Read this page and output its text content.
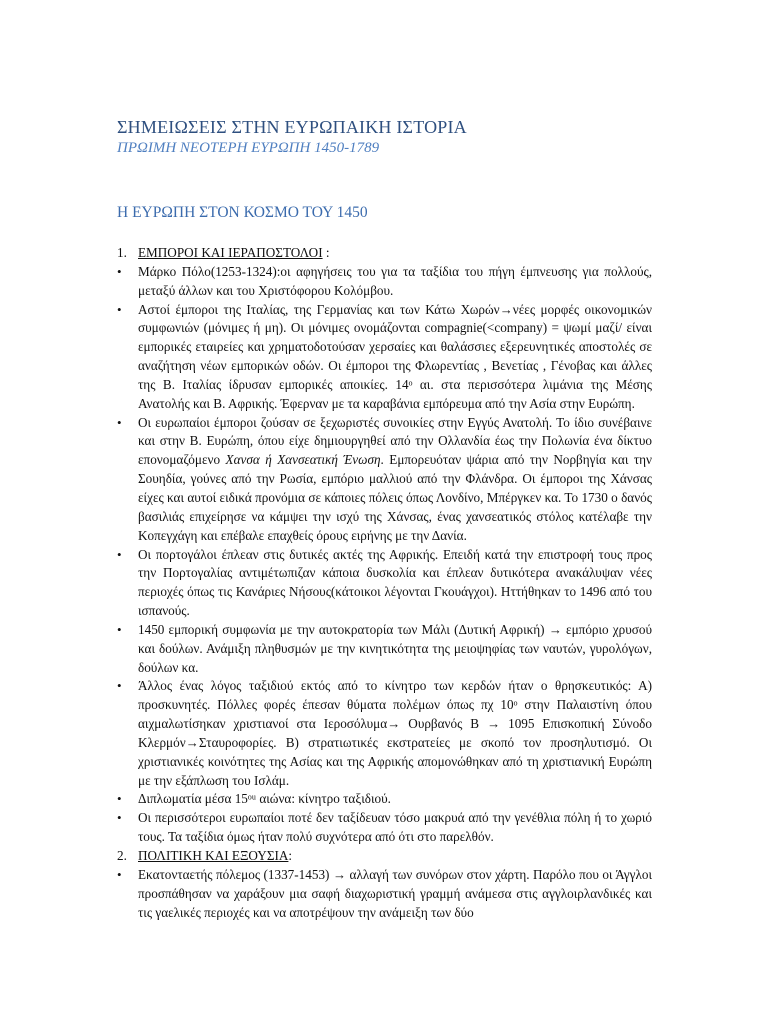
ΣΗΜΕΙΩΣΕΙΣ ΣΤΗΝ ΕΥΡΩΠΑΙΚΗ ΙΣΤΟΡΙΑ
ΠΡΩΙΜΗ ΝΕΟΤΕΡΗ ΕΥΡΩΠΗ 1450-1789
Η ΕΥΡΩΠΗ ΣΤΟΝ ΚΟΣΜΟ ΤΟΥ 1450
1. ΕΜΠΟΡΟΙ ΚΑΙ ΙΕΡΑΠΟΣΤΟΛΟΙ :
•	Μάρκο Πόλο(1253-1324):οι αφηγήσεις του για τα ταξίδια του πήγη έμπνευσης για πολλούς, μεταξύ άλλων και του Χριστόφορου Κολόμβου.
•	Αστοί έμποροι της Ιταλίας, της Γερμανίας και των Κάτω Χωρών→νέες μορφές οικονομικών συμφωνιών (μόνιμες ή μη). Οι μόνιμες ονομάζονται compagnie(<company) = ψωμί μαζί/ είναι εμπορικές εταιρείες και χρηματοδοτούσαν χερσαίες και θαλάσσιες εξερευνητικές αποστολές σε αναζήτηση νέων εμπορικών οδών. Οι έμποροι της Φλωρεντίας , Βενετίας , Γένοβας και άλλες της Β. Ιταλίας ίδρυσαν εμπορικές αποικίες. 14ᵒ αι. στα περισσότερα λιμάνια της Μέσης Ανατολής και Β. Αφρικής. Έφερναν με τα καραβάνια εμπόρευμα από την Ασία στην Ευρώπη.
•	Οι ευρωπαίοι έμποροι ζούσαν σε ξεχωριστές συνοικίες στην Εγγύς Ανατολή. Το ίδιο συνέβαινε και στην Β. Ευρώπη, όπου είχε δημιουργηθεί από την Ολλανδία έως την Πολωνία ένα δίκτυο επονομαζόμενο Χανσα ή Χανσεατική Ένωση. Εμπορευόταν ψάρια από την Νορβηγία και την Σουηδία, γούνες από την Ρωσία, εμπόριο μαλλιού από την Φλάνδρα. Οι έμποροι της Χάνσας είχες και αυτοί ειδικά προνόμια σε κάποιες πόλεις όπως Λονδίνο, Μπέργκεν κα. Το 1730 ο δανός βασιλιάς επιχείρησε να κάμψει την ισχύ της Χάνσας, ένας χανσεατικός στόλος κατέλαβε την Κοπεγχάγη και επέβαλε επαχθείς όρους ειρήνης με την Δανία.
•	Οι πορτογάλοι έπλεαν στις δυτικές ακτές της Αφρικής. Επειδή κατά την επιστροφή τους προς την Πορτογαλίας αντιμέτωπιζαν κάποια δυσκολία και έπλεαν δυτικότερα ανακάλυψαν νέες περιοχές όπως τις Κανάριες Νήσους(κάτοικοι λέγονται Γκουάγχοι). Ηττήθηκαν το 1496 από του ισπανούς.
•	1450 εμπορική συμφωνία με την αυτοκρατορία των Μάλι (Δυτική Αφρική) → εμπόριο χρυσού και δούλων. Ανάμιξη πληθυσμών με την κινητικότητα της μειοψηφίας των ναυτών, γυρολόγων, δούλων κα.
•	Άλλος ένας λόγος ταξιδιού εκτός από το κίνητρο των κερδών ήταν ο θρησκευτικός: Α) προσκυνητές. Πόλλες φορές έπεσαν θύματα πολέμων όπως πχ 10ᵒ στην Παλαιστίνη όπου αιχμαλωτίσηκαν χριστιανοί στα Ιεροσόλυμα→ Ουρβανός Β → 1095 Επισκοπική Σύνοδο Κλερμόν→Σταυροφορίες. Β) στρατιωτικές εκστρατείες με σκοπό τον προσηλυτισμό. Οι χριστιανικές κοινότητες της Ασίας και της Αφρικής απομονώθηκαν από τη χριστιανική Ευρώπη με την εξάπλωση του Ισλάμ.
•	Διπλωματία μέσα 15ᵒᵘ αιώνα: κίνητρο ταξιδιού.
•	Οι περισσότεροι ευρωπαίοι ποτέ δεν ταξίδευαν τόσο μακρυά από την γενέθλια πόλη ή το χωριό τους. Τα ταξίδια όμως ήταν πολύ συχνότερα από ότι στο παρελθόν.
2. ΠΟΛΙΤΙΚΗ ΚΑΙ ΕΞΟΥΣΙΑ:
•	Εκατονταετής πόλεμος (1337-1453) → αλλαγή των συνόρων στον χάρτη. Παρόλο που οι Άγγλοι προσπάθησαν να χαράξουν μια σαφή διαχωριστική γραμμή ανάμεσα στις αγγλοιρλανδικές και τις γαελικές περιοχές και να αποτρέψουν την ανάμειξη των δύο
